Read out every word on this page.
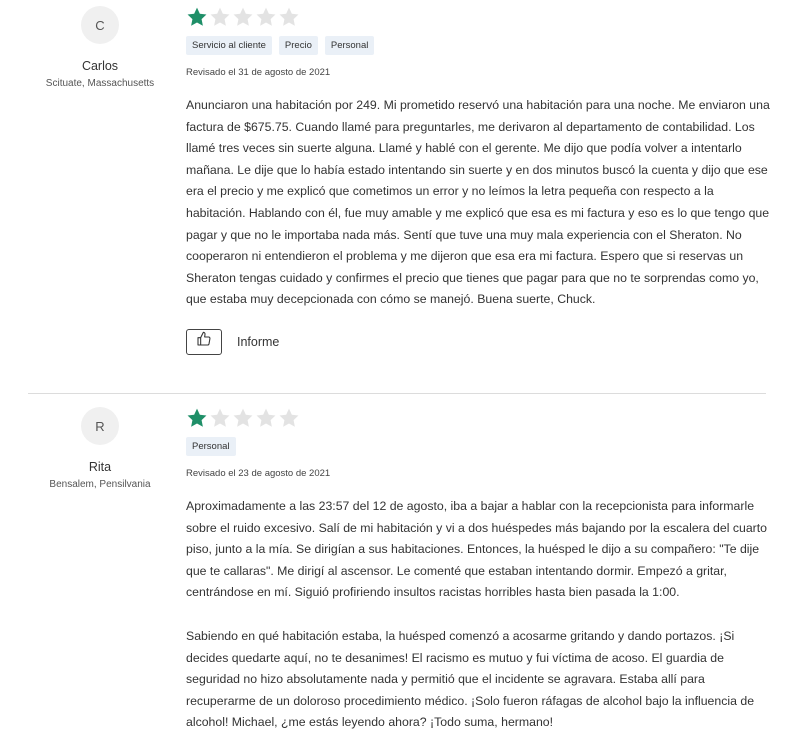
C
Carlos
Scituate, Massachusetts
Servicio al cliente	Precio	Personal
Revisado el 31 de agosto de 2021

Anunciaron una habitación por 249. Mi prometido reservó una habitación para una noche. Me enviaron una factura de $675.75. Cuando llamé para preguntarles, me derivaron al departamento de contabilidad. Los llamé tres veces sin suerte alguna. Llamé y hablé con el gerente. Me dijo que podía volver a intentarlo mañana. Le dije que lo había estado intentando sin suerte y en dos minutos buscó la cuenta y dijo que ese era el precio y me explicó que cometimos un error y no leímos la letra pequeña con respecto a la habitación. Hablando con él, fue muy amable y me explicó que esa es mi factura y eso es lo que tengo que pagar y que no le importaba nada más. Sentí que tuve una muy mala experiencia con el Sheraton. No cooperaron ni entendieron el problema y me dijeron que esa era mi factura. Espero que si reservas un Sheraton tengas cuidado y confirmes el precio que tienes que pagar para que no te sorprendas como yo, que estaba muy decepcionada con cómo se manejó. Buena suerte, Chuck.

Informe
R
Rita
Bensalem, Pensilvania
Personal
Revisado el 23 de agosto de 2021

Aproximadamente a las 23:57 del 12 de agosto, iba a bajar a hablar con la recepcionista para informarle sobre el ruido excesivo. Salí de mi habitación y vi a dos huéspedes más bajando por la escalera del cuarto piso, junto a la mía. Se dirigían a sus habitaciones. Entonces, la huésped le dijo a su compañero: "Te dije que te callaras". Me dirigí al ascensor. Le comenté que estaban intentando dormir. Empezó a gritar, centrándose en mí. Siguió profiriendo insultos racistas horribles hasta bien pasada la 1:00.

Sabiendo en qué habitación estaba, la huésped comenzó a acosarme gritando y dando portazos. ¡Si decides quedarte aquí, no te desanimes! El racismo es mutuo y fui víctima de acoso. El guardia de seguridad no hizo absolutamente nada y permitió que el incidente se agravara. Estaba allí para recuperarme de un doloroso procedimiento médico. ¡Solo fueron ráfagas de alcohol bajo la influencia de alcohol! Michael, ¿me estás leyendo ahora? ¡Todo suma, hermano!
